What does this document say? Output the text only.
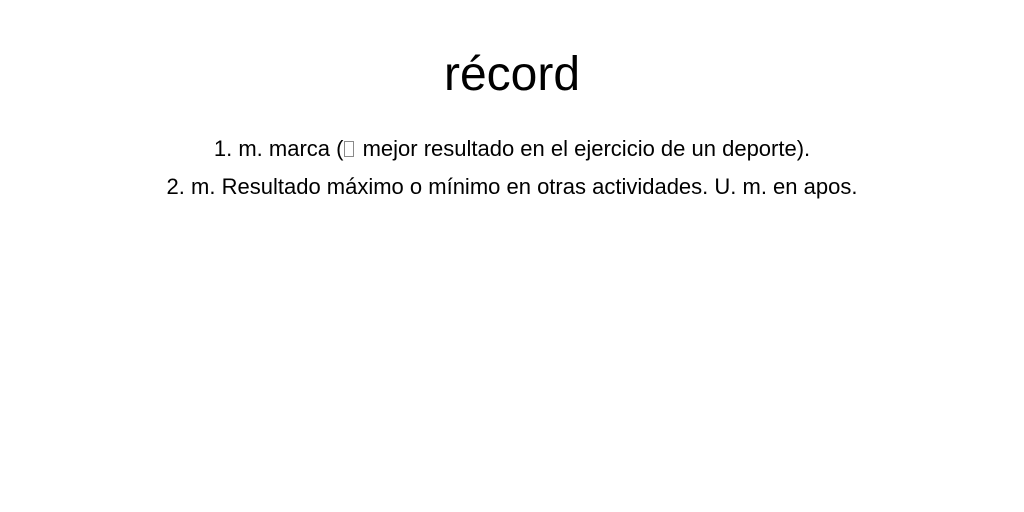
récord
1. m. marca ( mejor resultado en el ejercicio de un deporte).
2. m. Resultado máximo o mínimo en otras actividades. U. m. en apos.
